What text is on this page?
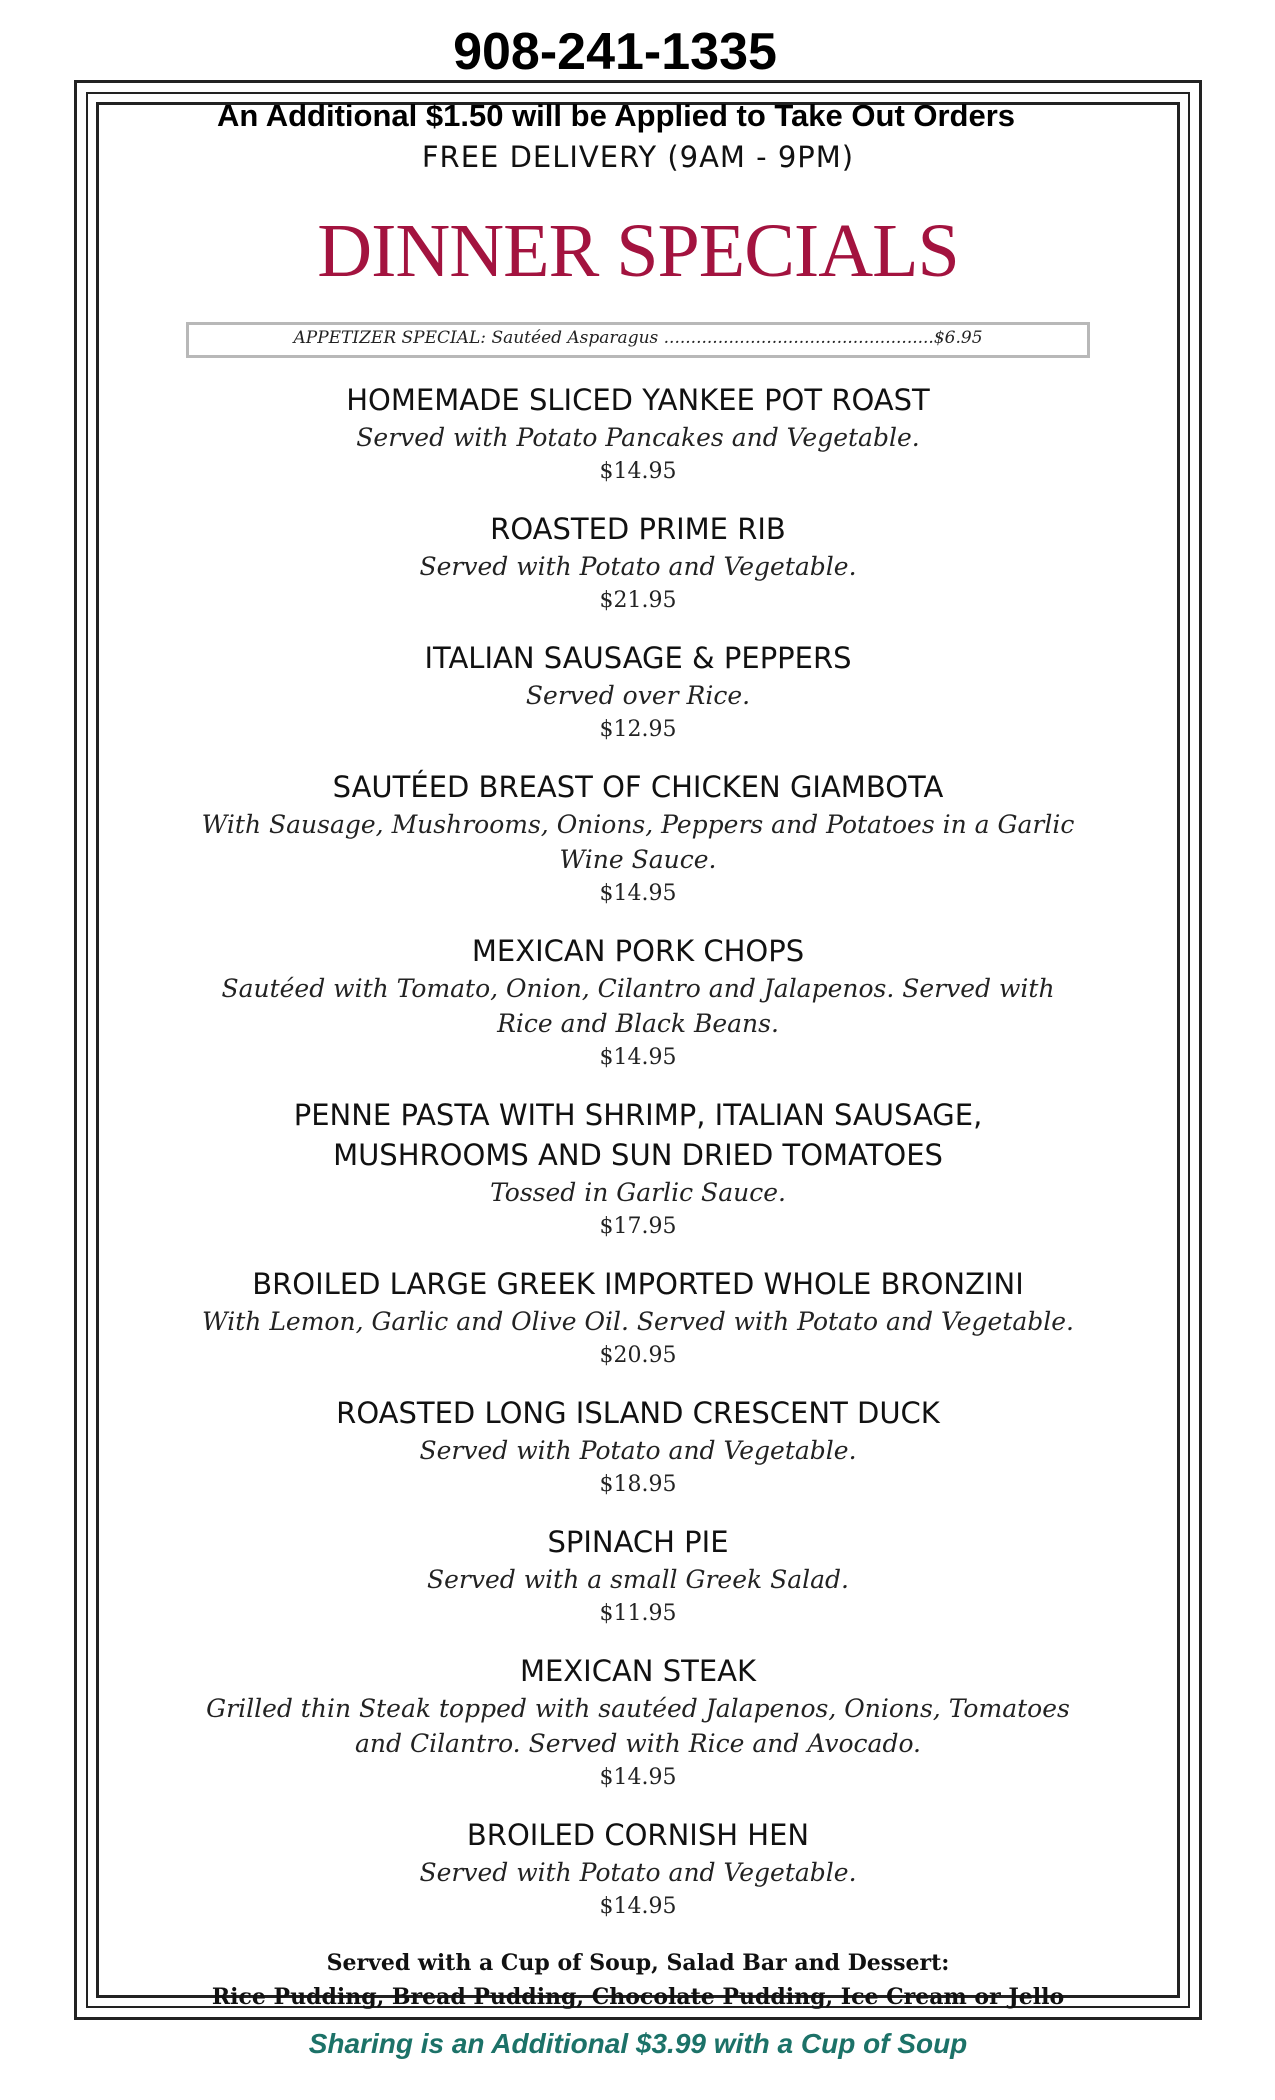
908-241-1335
An Additional $1.50 will be Applied to Take Out Orders
FREE DELIVERY (9AM - 9PM)
DINNER SPECIALS
APPETIZER SPECIAL: Sautéed Asparagus ..................................................$6.95
HOMEMADE SLICED YANKEE POT ROAST
Served with Potato Pancakes and Vegetable.
$14.95
ROASTED PRIME RIB
Served with Potato and Vegetable.
$21.95
ITALIAN SAUSAGE & PEPPERS
Served over Rice.
$12.95
SAUTÉED BREAST OF CHICKEN GIAMBOTA
With Sausage, Mushrooms, Onions, Peppers and Potatoes in a Garlic Wine Sauce.
$14.95
MEXICAN PORK CHOPS
Sautéed with Tomato, Onion, Cilantro and Jalapenos. Served with Rice and Black Beans.
$14.95
PENNE PASTA WITH SHRIMP, ITALIAN SAUSAGE, MUSHROOMS AND SUN DRIED TOMATOES
Tossed in Garlic Sauce.
$17.95
BROILED LARGE GREEK IMPORTED WHOLE BRONZINI
With Lemon, Garlic and Olive Oil. Served with Potato and Vegetable.
$20.95
ROASTED LONG ISLAND CRESCENT DUCK
Served with Potato and Vegetable.
$18.95
SPINACH PIE
Served with a small Greek Salad.
$11.95
MEXICAN STEAK
Grilled thin Steak topped with sautéed Jalapenos, Onions, Tomatoes and Cilantro. Served with Rice and Avocado.
$14.95
BROILED CORNISH HEN
Served with Potato and Vegetable.
$14.95
Served with a Cup of Soup, Salad Bar and Dessert:
Rice Pudding, Bread Pudding, Chocolate Pudding, Ice Cream or Jello
Sharing is an Additional $3.99 with a Cup of Soup
